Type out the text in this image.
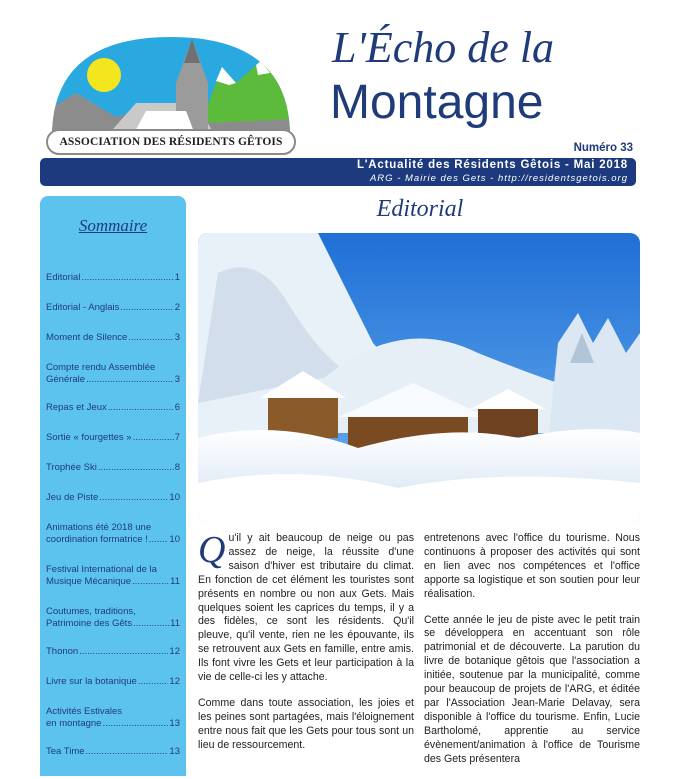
ASSOCIATION DES RÉSIDENTS GÊTOIS
L'Écho de la
Montagne
Numéro 33
L'Actualité des Résidents Gêtois - Mai 2018
ARG - Mairie des Gets - http://residentsgetois.org
Sommaire
Editorial .....	1
Editorial - Anglais .....	2
Moment de Silence .....	3
Compte rendu Assemblée
Générale .....	3
Repas et Jeux .....	6
Sortie « fourgettes » .....	7
Trophée Ski .....	8
Jeu de Piste .....	10
Animations été 2018 une
coordination formatrice ! ..... 10
Festival International de la
Musique Mécanique .....	11
Coutumes, traditions,
Patrimoine des Gêts .....	11
Thonon .....	12
Livre sur la botanique .....	12
Activités Estivales
en montagne .....	13
Tea Time .....	13
Editorial

Qu'il y ait beaucoup de neige ou pas assez de neige, la réussite d'une saison d'hiver est tributaire du climat. En fonction de cet élément les touristes sont présents en nombre ou non aux Gets. Mais quelques soient les caprices du temps, il y a des fidèles, ce sont les résidents. Qu'il pleuve, qu'il vente, rien ne les épouvante, ils se retrouvent aux Gets en famille, entre amis. Ils font vivre les Gets et leur participation à la vie de celle-ci les y attache.

Comme dans toute association, les joies et les peines sont partagées, mais l'éloignement entre nous fait que les Gets pour tous sont un lieu de ressourcement.

entretenons avec l'office du tourisme. Nous continuons à proposer des activités qui sont en lien avec nos compétences et l'office apporte sa logistique et son soutien pour leur réalisation.

Cette année le jeu de piste avec le petit train se développera en accentuant son rôle patrimonial et de découverte. La parution du livre de botanique gêtois que l'association a initiée, soutenue par la municipalité, comme pour beaucoup de projets de l'ARG, et éditée par l'Association Jean-Marie Delavay, sera disponible à l'office du tourisme. Enfin, Lucie Bartholomé, apprentie au service évènement/animation à l'office de Tourisme des Gets présentera
